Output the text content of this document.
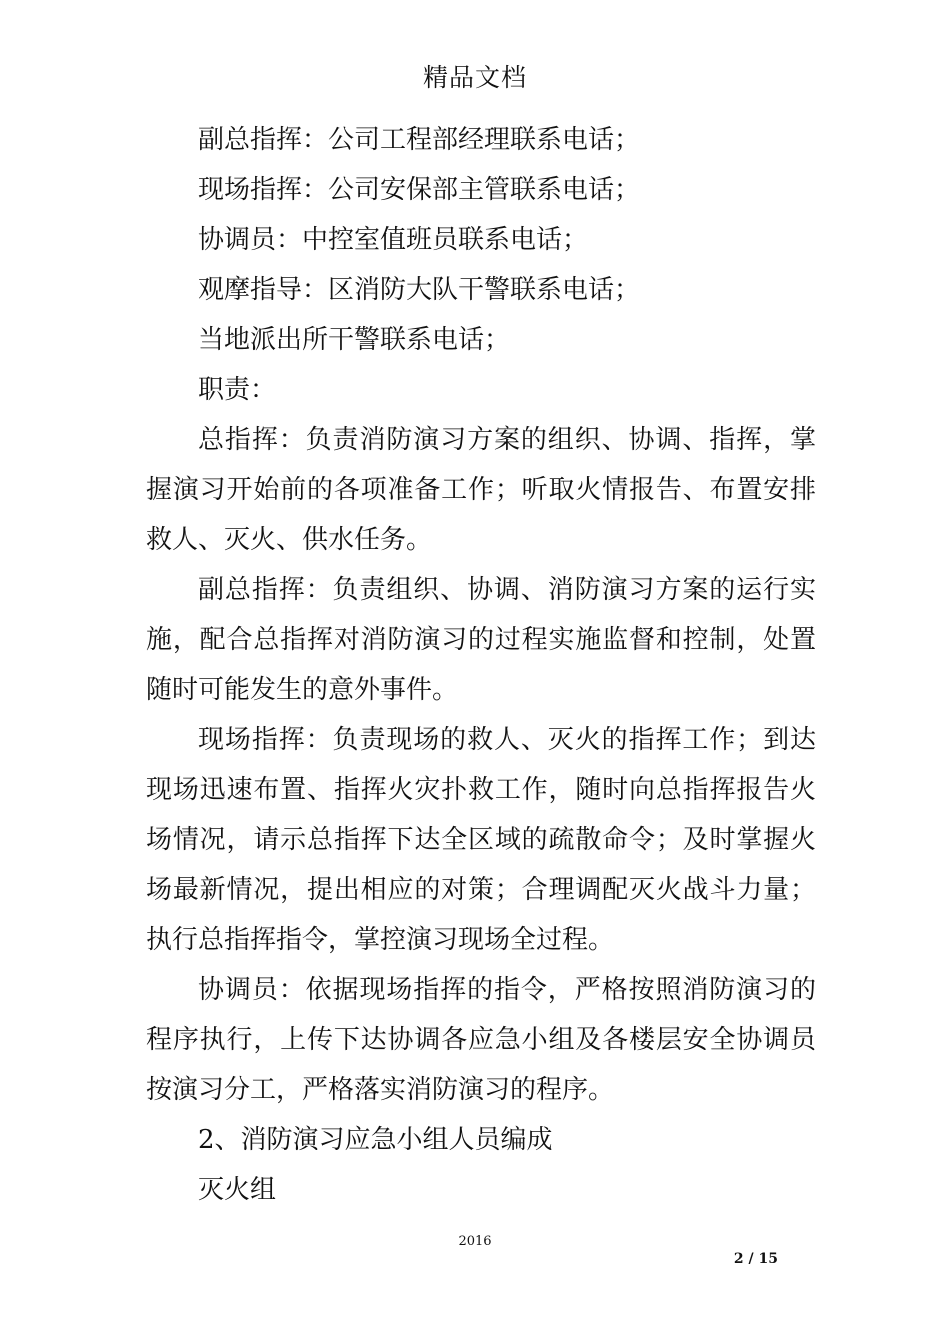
精品文档

副总指挥：公司工程部经理联系电话；

现场指挥：公司安保部主管联系电话；

协调员：中控室值班员联系电话；

观摩指导：区消防大队干警联系电话；

当地派出所干警联系电话；

职责：

总指挥：负责消防演习方案的组织、协调、指挥，掌握演习开始前的各项准备工作；听取火情报告、布置安排救人、灭火、供水任务。

副总指挥：负责组织、协调、消防演习方案的运行实施，配合总指挥对消防演习的过程实施监督和控制，处置随时可能发生的意外事件。

现场指挥：负责现场的救人、灭火的指挥工作；到达现场迅速布置、指挥火灾扑救工作，随时向总指挥报告火场情况，请示总指挥下达全区域的疏散命令；及时掌握火场最新情况，提出相应的对策；合理调配灭火战斗力量；执行总指挥指令，掌控演习现场全过程。

协调员：依据现场指挥的指令，严格按照消防演习的程序执行，上传下达协调各应急小组及各楼层安全协调员按演习分工，严格落实消防演习的程序。

2、消防演习应急小组人员编成

灭火组

2016
2 / 15
